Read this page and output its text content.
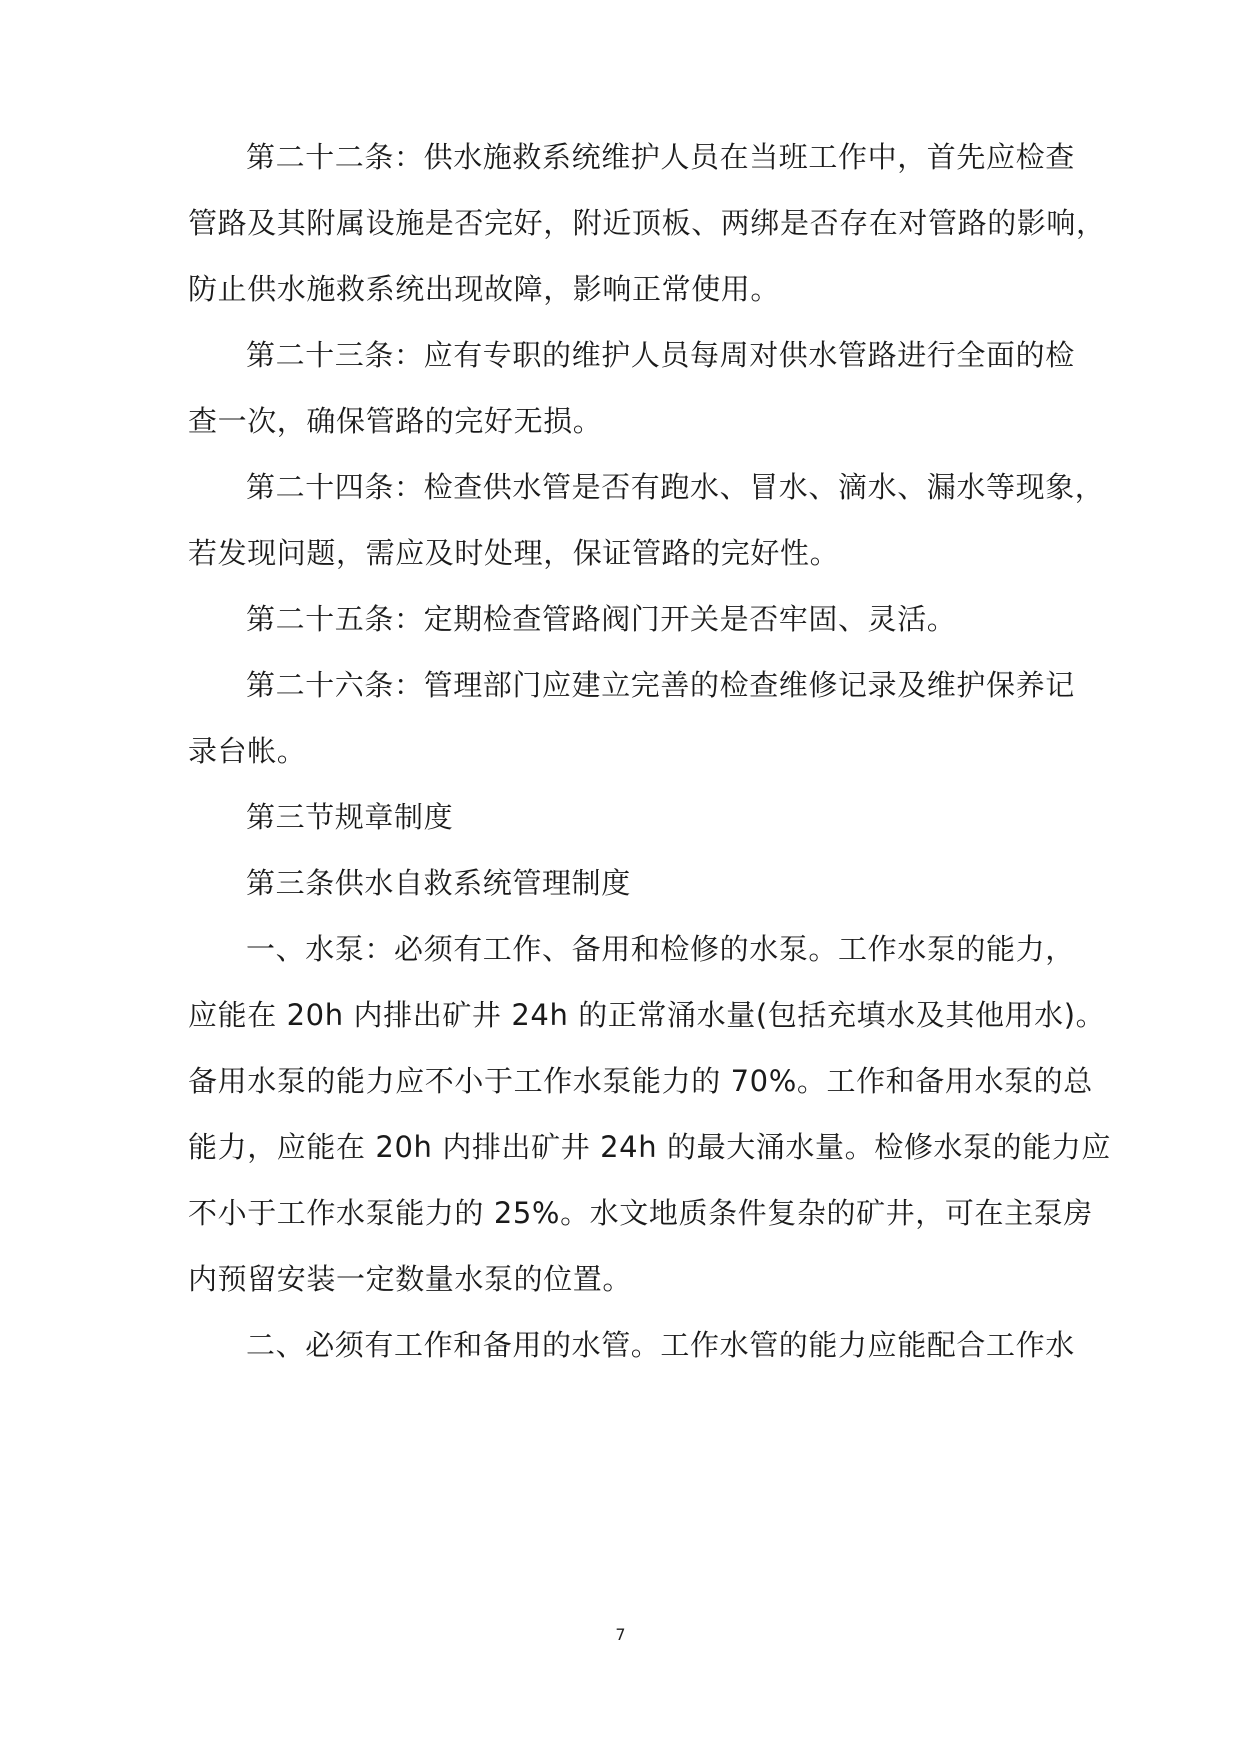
第二十二条：供水施救系统维护人员在当班工作中，首先应检查
管路及其附属设施是否完好，附近顶板、两绑是否存在对管路的影响，
防止供水施救系统出现故障，影响正常使用。
第二十三条：应有专职的维护人员每周对供水管路进行全面的检
查一次，确保管路的完好无损。
第二十四条：检查供水管是否有跑水、冒水、滴水、漏水等现象，
若发现问题，需应及时处理，保证管路的完好性。
第二十五条：定期检查管路阀门开关是否牢固、灵活。
第二十六条：管理部门应建立完善的检查维修记录及维护保养记
录台帐。
第三节规章制度
第三条供水自救系统管理制度
一、水泵：必须有工作、备用和检修的水泵。工作水泵的能力，
应能在 20h 内排出矿井 24h 的正常涌水量(包括充填水及其他用水)。
备用水泵的能力应不小于工作水泵能力的 70%。工作和备用水泵的总
能力，应能在 20h 内排出矿井 24h 的最大涌水量。检修水泵的能力应
不小于工作水泵能力的 25%。水文地质条件复杂的矿井，可在主泵房
内预留安装一定数量水泵的位置。
二、必须有工作和备用的水管。工作水管的能力应能配合工作水
7
